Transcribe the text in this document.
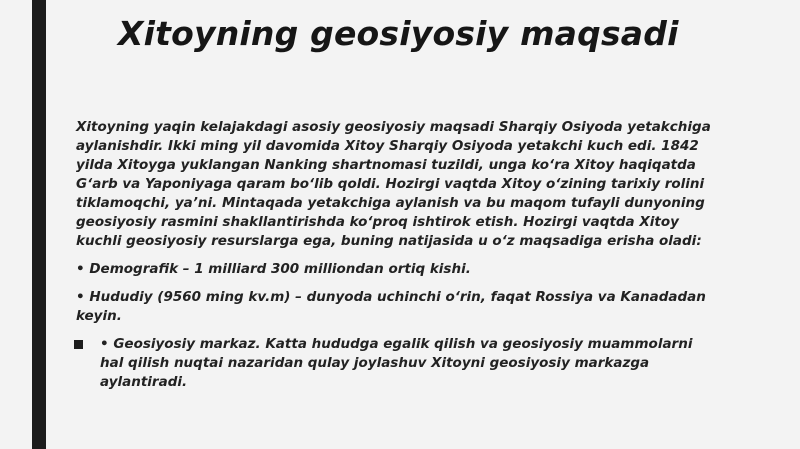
Xitoyning geosiyosiy maqsadi

Xitoyning yaqin kelajakdagi asosiy geosiyosiy maqsadi Sharqiy Osiyoda yetakchiga aylanishdir. Ikki ming yil davomida Xitoy Sharqiy Osiyoda yetakchi kuch edi. 1842 yilda Xitoyga yuklangan Nanking shartnomasi tuzildi, unga ko‘ra Xitoy haqiqatda G‘arb va Yaponiyaga qaram bo‘lib qoldi. Hozirgi vaqtda Xitoy o‘zining tarixiy rolini tiklamoqchi, ya’ni. Mintaqada yetakchiga aylanish va bu maqom tufayli dunyoning geosiyosiy rasmini shakllantirishda ko‘proq ishtirok etish. Hozirgi vaqtda Xitoy kuchli geosiyosiy resurslarga ega, buning natijasida u o‘z maqsadiga erisha oladi:

• Demografik – 1 milliard 300 milliondan ortiq kishi.

• Hududiy (9560 ming kv.m) – dunyoda uchinchi o‘rin, faqat Rossiya va Kanadadan keyin.

• Geosiyosiy markaz. Katta hududga egalik qilish va geosiyosiy muammolarni hal qilish nuqtai nazaridan qulay joylashuv Xitoyni geosiyosiy markazga aylantiradi.
